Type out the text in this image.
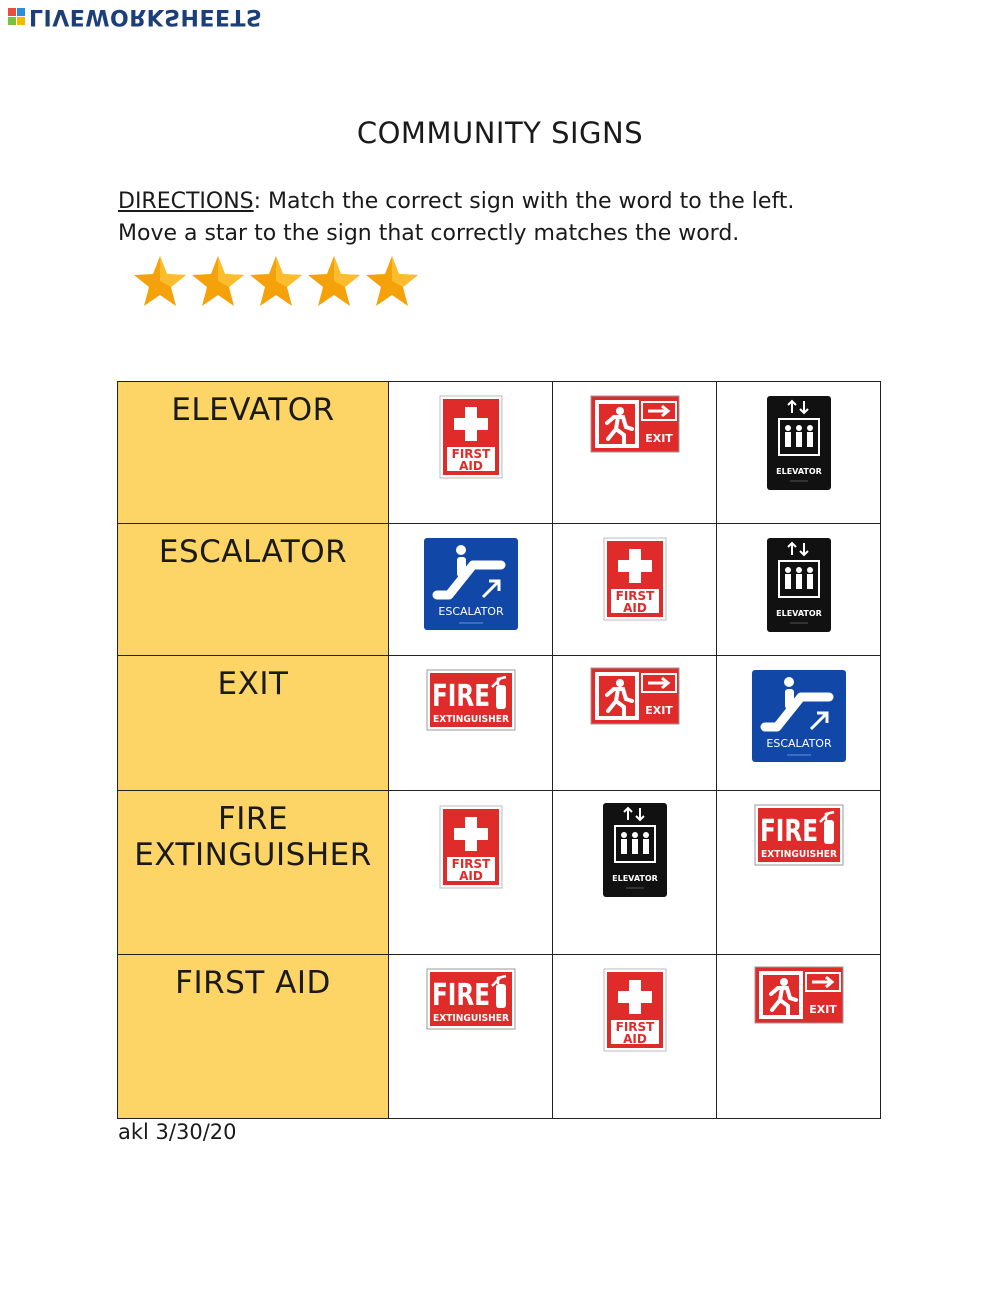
LIVEWORKSHEETS
COMMUNITY SIGNS
DIRECTIONS: Match the correct sign with the word to the left.
Move a star to the sign that correctly matches the word.
ELEVATOR	FIRST
AID	EXIT	ELEVATOR

ESCALATOR	ESCALATOR	FIRST
AID	ELEVATOR

EXIT	FIRE
EXTINGUISHER	EXIT	ESCALATOR

FIRE
EXTINGUISHER	FIRST
AID	ELEVATOR	FIRE
EXTINGUISHER

FIRST AID	FIRE
EXTINGUISHER	FIRST
AID	EXIT
akl 3/30/20
